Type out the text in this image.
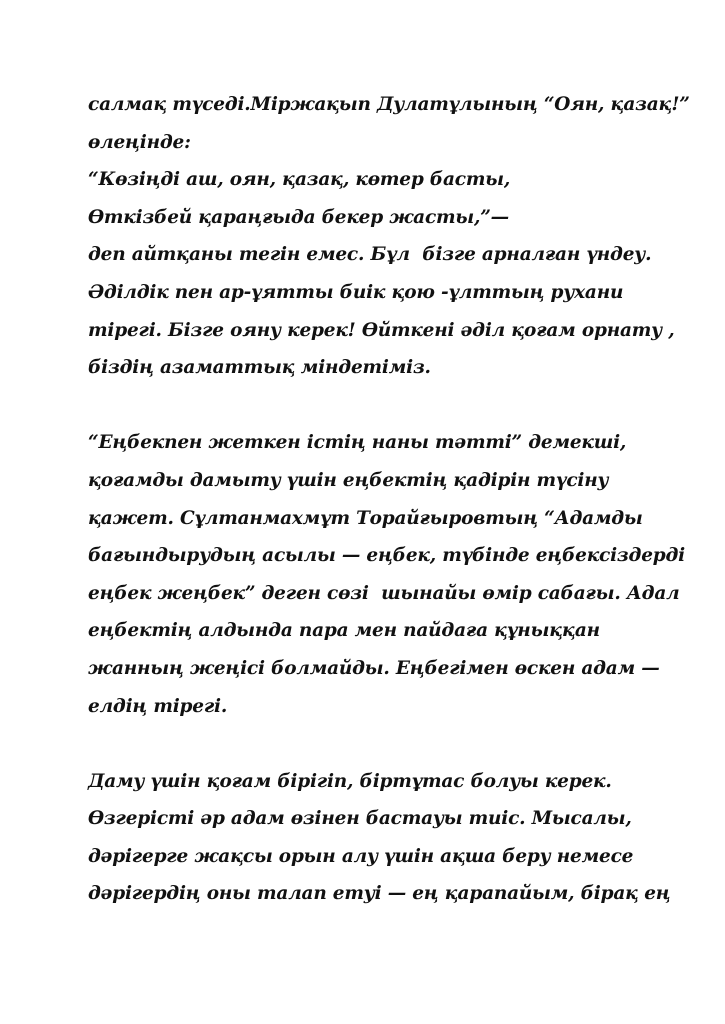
салмақ түседі.Міржақып Дулатұлының “Оян, қазақ!”
өлеңінде:
“Көзіңді аш, оян, қазақ, көтер басты,
Өткізбей қараңғыда бекер жасты,”—
деп айтқаны тегін емес. Бұл  бізге арналған үндеу.
Әділдік пен ар-ұятты биік қою -ұлттың рухани
тірегі. Бізге ояну керек! Өйткені әділ қоғам орнату ,
біздің азаматтық міндетіміз.

“Еңбекпен жеткен істің наны тәтті” демекші,
қоғамды дамыту үшін еңбектің қадірін түсіну
қажет. Сұлтанмахмұт Торайғыровтың “Адамды
бағындырудың асылы — еңбек, түбінде еңбексіздерді
еңбек жеңбек” деген сөзі  шынайы өмір сабағы. Адал
еңбектің алдында пара мен пайдаға құныққан
жанның жеңісі болмайды. Еңбегімен өскен адам —
елдің тірегі.

Даму үшін қоғам бірігіп, біртұтас болуы керек.
Өзгерісті әр адам өзінен бастауы тиіс. Мысалы,
дәрігерге жақсы орын алу үшін ақша беру немесе
дәрігердің оны талап етуі — ең қарапайым, бірақ ең
